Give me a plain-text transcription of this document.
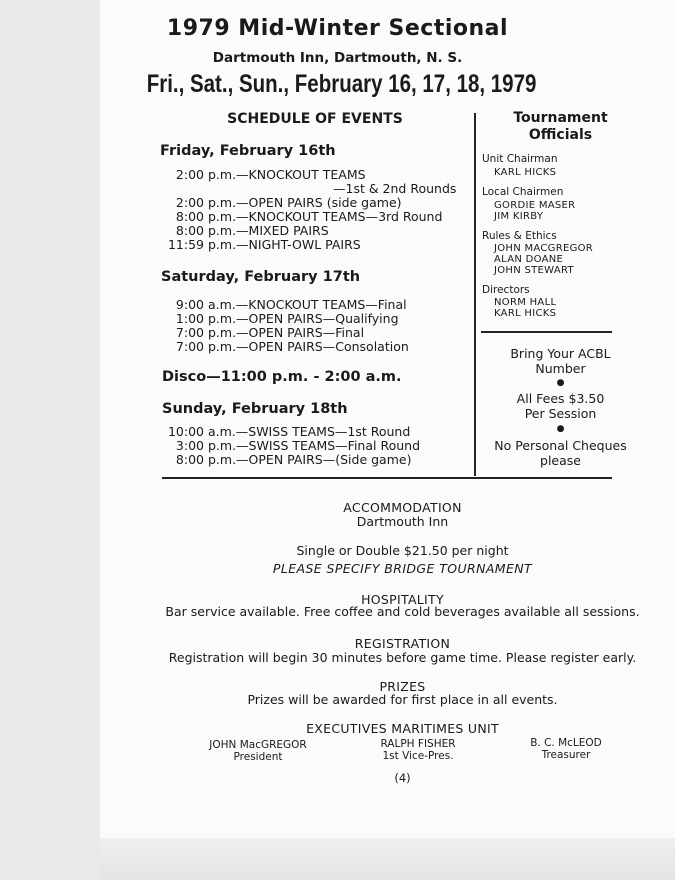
1979 Mid-Winter Sectional
Dartmouth Inn, Dartmouth, N. S.
Fri., Sat., Sun., February 16, 17, 18, 1979
SCHEDULE OF EVENTS
Friday, February 16th
2:00 p.m.—KNOCKOUT TEAMS
—1st & 2nd Rounds
2:00 p.m.—OPEN PAIRS (side game)
8:00 p.m.—KNOCKOUT TEAMS—3rd Round
8:00 p.m.—MIXED PAIRS
11:59 p.m.—NIGHT-OWL PAIRS
Saturday, February 17th
9:00 a.m.—KNOCKOUT TEAMS—Final
1:00 p.m.—OPEN PAIRS—Qualifying
7:00 p.m.—OPEN PAIRS—Final
7:00 p.m.—OPEN PAIRS—Consolation
Disco—11:00 p.m. - 2:00 a.m.
Sunday, February 18th
10:00 a.m.—SWISS TEAMS—1st Round
3:00 p.m.—SWISS TEAMS—Final Round
8:00 p.m.—OPEN PAIRS—(Side game)
Tournament
Officials
Unit Chairman
KARL HICKS
Local Chairmen
GORDIE MASER
JIM KIRBY
Rules & Ethics
JOHN MACGREGOR
ALAN DOANE
JOHN STEWART
Directors
NORM HALL
KARL HICKS
Bring Your ACBL
Number
●
All Fees $3.50
Per Session
●
No Personal Cheques
please
ACCOMMODATION
Dartmouth Inn
Single or Double $21.50 per night
PLEASE SPECIFY BRIDGE TOURNAMENT
HOSPITALITY
Bar service available. Free coffee and cold beverages available all sessions.
REGISTRATION
Registration will begin 30 minutes before game time. Please register early.
PRIZES
Prizes will be awarded for first place in all events.
EXECUTIVES MARITIMES UNIT
JOHN MacGREGOR
President
RALPH FISHER
1st Vice-Pres.
B. C. McLEOD
Treasurer
(4)
